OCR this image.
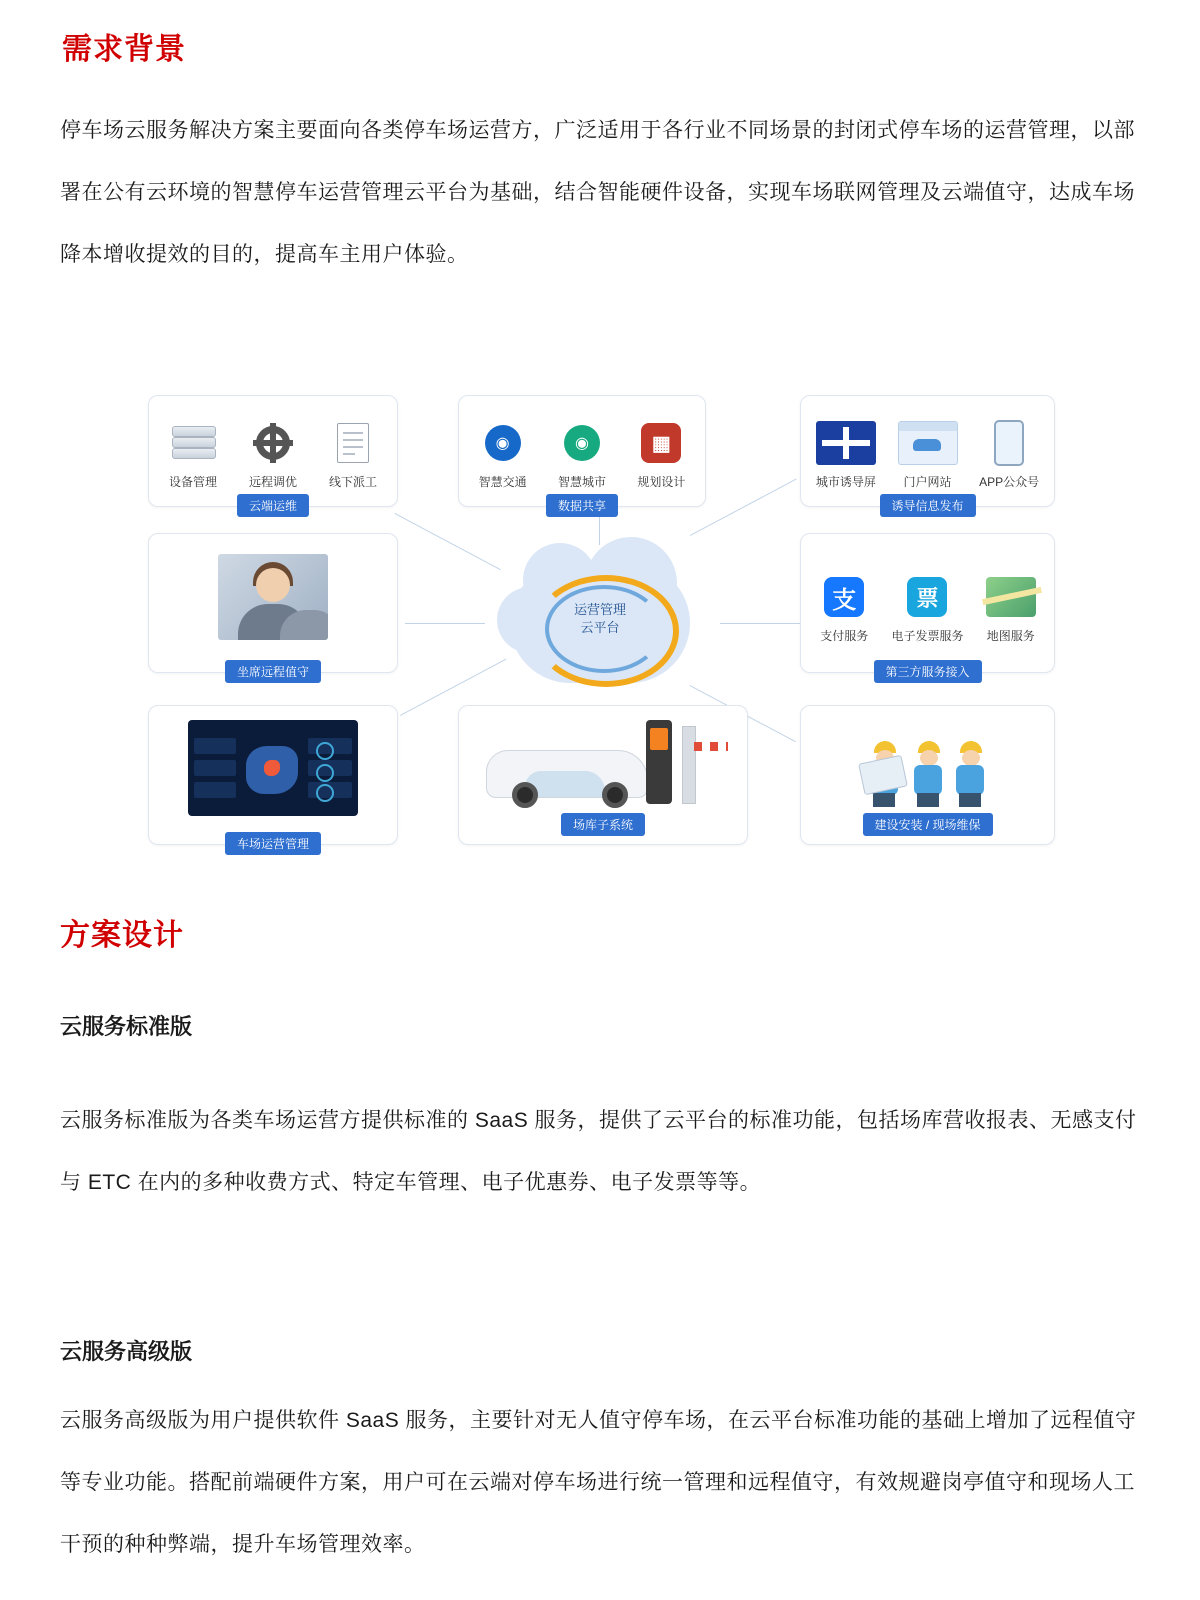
需求背景
停车场云服务解决方案主要面向各类停车场运营方，广泛适用于各行业不同场景的封闭式停车场的运营管理，以部署在公有云环境的智慧停车运营管理云平台为基础，结合智能硬件设备，实现车场联网管理及云端值守，达成车场降本增收提效的目的，提高车主用户体验。
运营管理
云平台
设备管理	远程调优	线下派工
云端运维
◉
智慧交通
◉
智慧城市
▦
规划设计
数据共享
城市诱导屏 门户网站 APP公众号
诱导信息发布
坐席远程值守
支
支付服务
票
电子发票服务 地图服务
第三方服务接入
车场运营管理
场库子系统	建设安装 / 现场维保
方案设计
云服务标准版
云服务标准版为各类车场运营方提供标准的 SaaS 服务，提供了云平台的标准功能，包括场库营收报表、无感支付与 ETC 在内的多种收费方式、特定车管理、电子优惠券、电子发票等等。
云服务高级版
云服务高级版为用户提供软件 SaaS 服务，主要针对无人值守停车场，在云平台标准功能的基础上增加了远程值守等专业功能。搭配前端硬件方案，用户可在云端对停车场进行统一管理和远程值守，有效规避岗亭值守和现场人工干预的种种弊端，提升车场管理效率。
